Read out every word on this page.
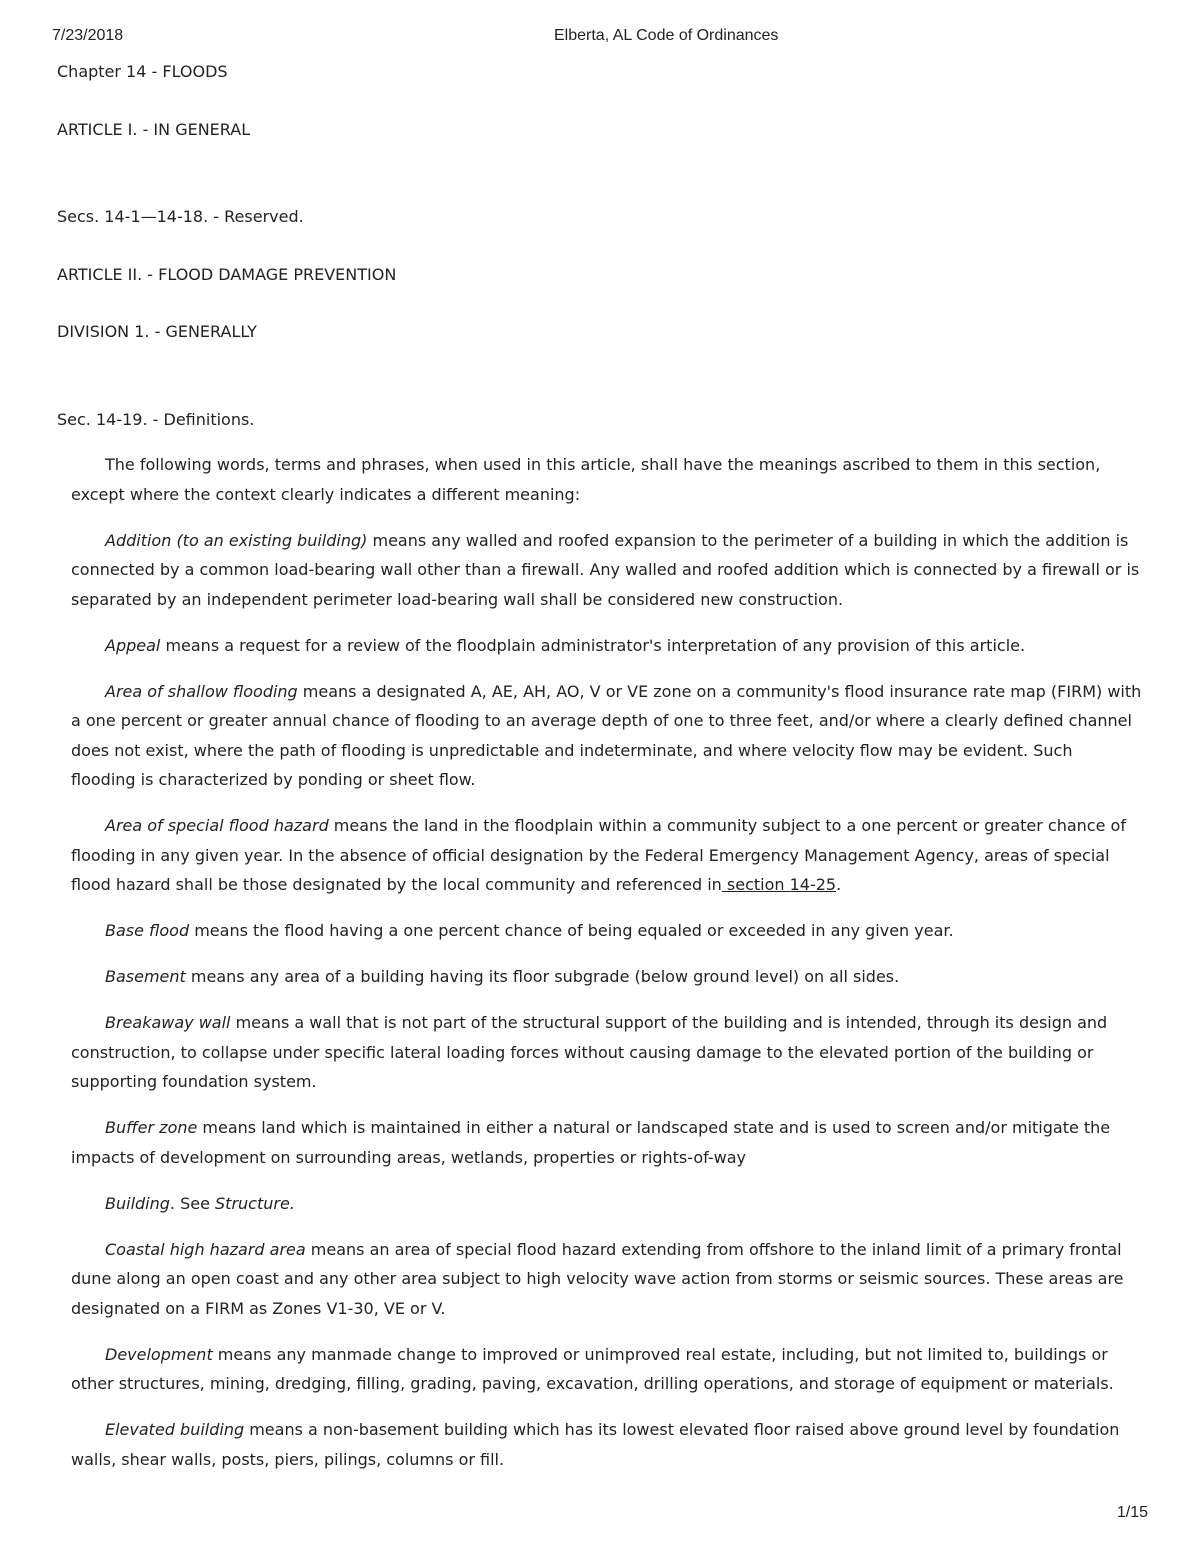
7/23/2018	Elberta, AL Code of Ordinances
Chapter 14 - FLOODS
ARTICLE I. - IN GENERAL
Secs. 14-1—14-18. - Reserved.
ARTICLE II. - FLOOD DAMAGE PREVENTION
DIVISION 1. - GENERALLY
Sec. 14-19. - Definitions.

The following words, terms and phrases, when used in this article, shall have the meanings ascribed to them in this section, except where the context clearly indicates a different meaning:

Addition (to an existing building) means any walled and roofed expansion to the perimeter of a building in which the addition is connected by a common load-bearing wall other than a firewall. Any walled and roofed addition which is connected by a firewall or is separated by an independent perimeter load-bearing wall shall be considered new construction.

Appeal means a request for a review of the floodplain administrator's interpretation of any provision of this article.

Area of shallow flooding means a designated A, AE, AH, AO, V or VE zone on a community's flood insurance rate map (FIRM) with a one percent or greater annual chance of flooding to an average depth of one to three feet, and/or where a clearly defined channel does not exist, where the path of flooding is unpredictable and indeterminate, and where velocity flow may be evident. Such flooding is characterized by ponding or sheet flow.

Area of special flood hazard means the land in the floodplain within a community subject to a one percent or greater chance of flooding in any given year. In the absence of official designation by the Federal Emergency Management Agency, areas of special flood hazard shall be those designated by the local community and referenced in section 14-25.

Base flood means the flood having a one percent chance of being equaled or exceeded in any given year.

Basement means any area of a building having its floor subgrade (below ground level) on all sides.

Breakaway wall means a wall that is not part of the structural support of the building and is intended, through its design and construction, to collapse under specific lateral loading forces without causing damage to the elevated portion of the building or supporting foundation system.

Buffer zone means land which is maintained in either a natural or landscaped state and is used to screen and/or mitigate the impacts of development on surrounding areas, wetlands, properties or rights-of-way

Building. See Structure.

Coastal high hazard area means an area of special flood hazard extending from offshore to the inland limit of a primary frontal dune along an open coast and any other area subject to high velocity wave action from storms or seismic sources. These areas are designated on a FIRM as Zones V1-30, VE or V.

Development means any manmade change to improved or unimproved real estate, including, but not limited to, buildings or other structures, mining, dredging, filling, grading, paving, excavation, drilling operations, and storage of equipment or materials.

Elevated building means a non-basement building which has its lowest elevated floor raised above ground level by foundation walls, shear walls, posts, piers, pilings, columns or fill.

1/15
